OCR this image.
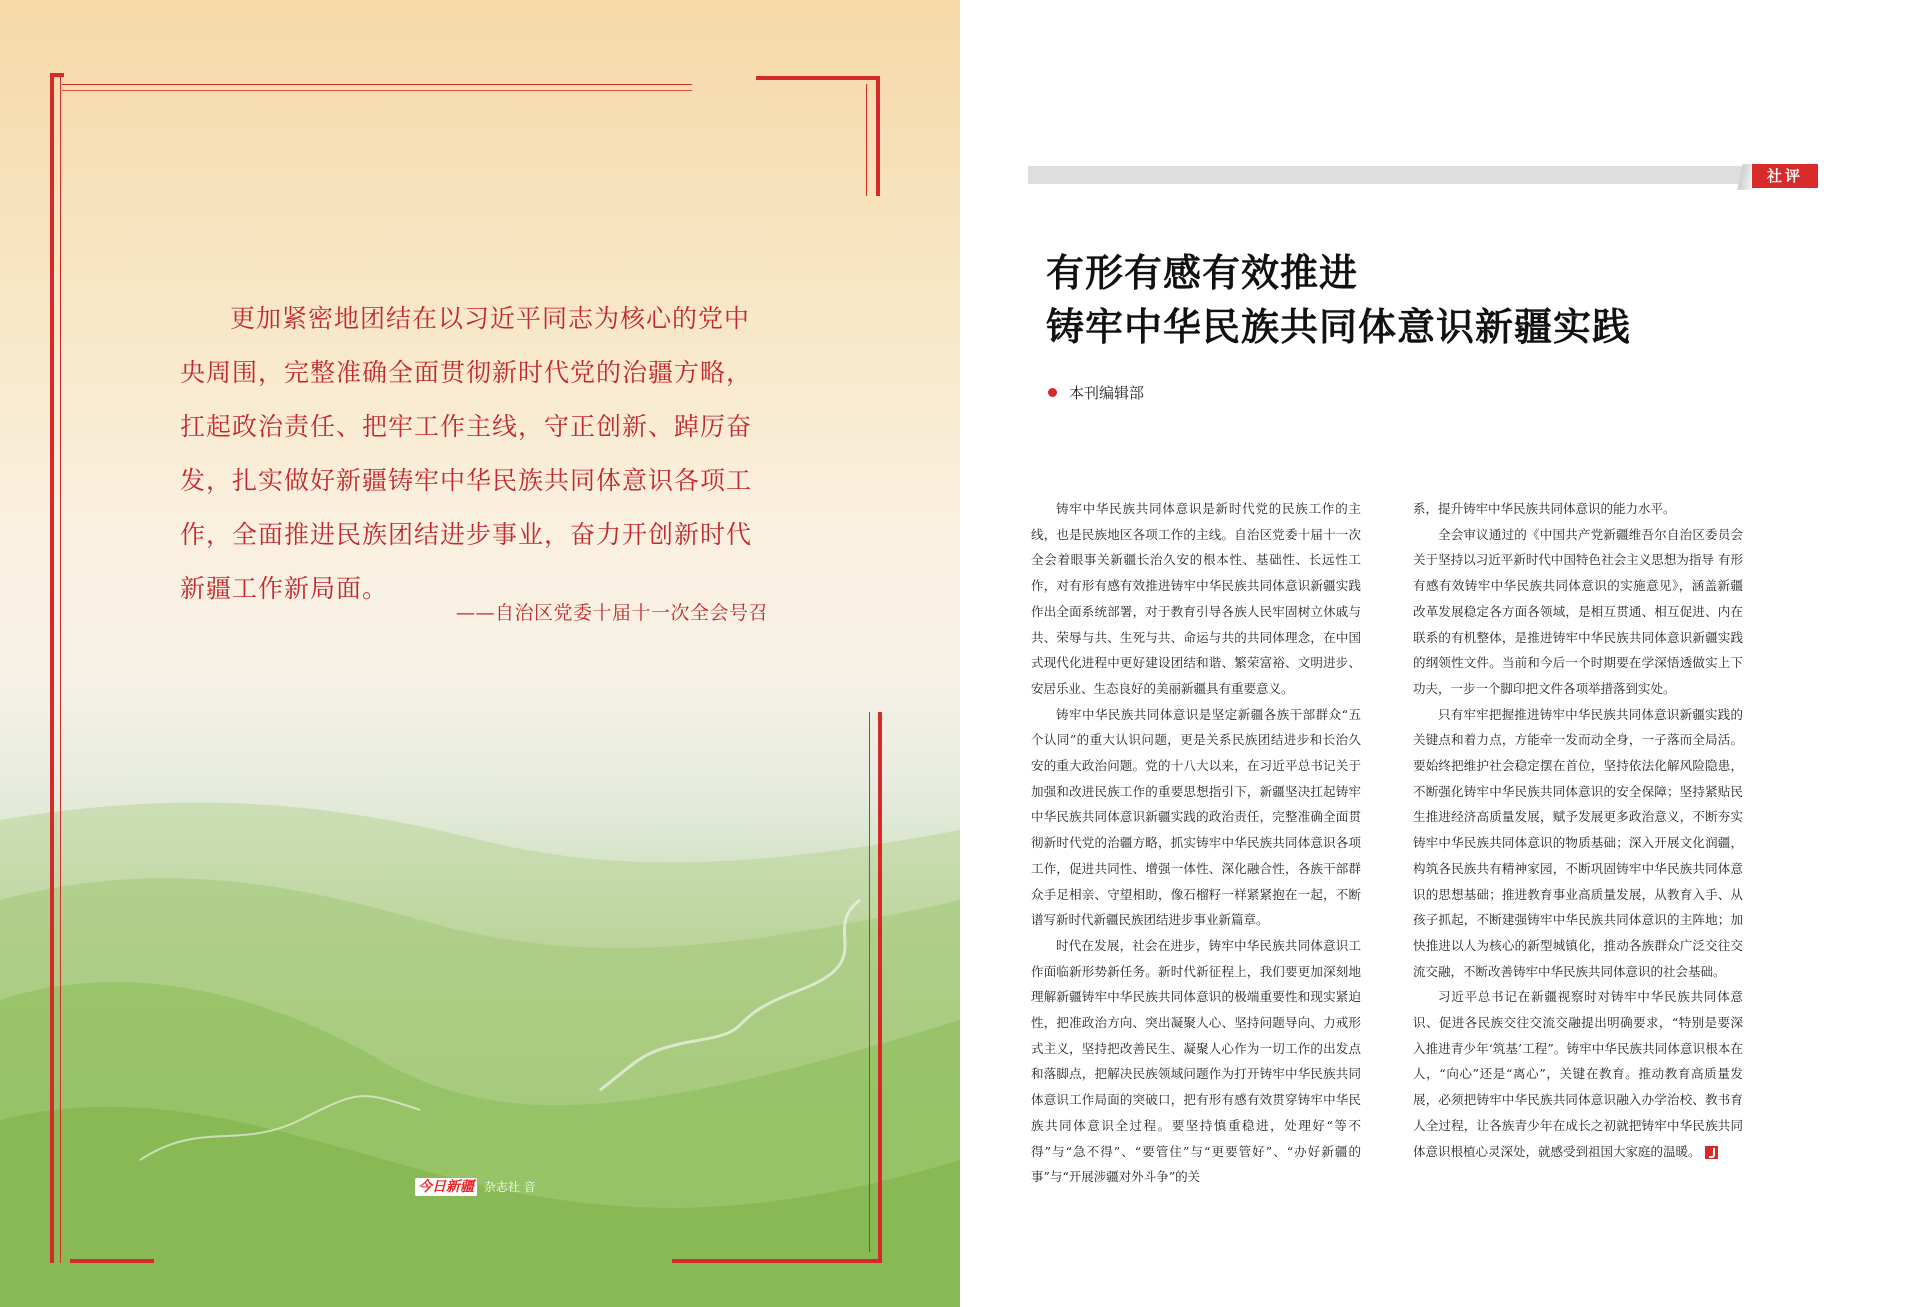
更加紧密地团结在以习近平同志为核心的党中央周围，完整准确全面贯彻新时代党的治疆方略，扛起政治责任、把牢工作主线，守正创新、踔厉奋发，扎实做好新疆铸牢中华民族共同体意识各项工作，全面推进民族团结进步事业，奋力开创新时代新疆工作新局面。

——自治区党委十届十一次全会号召
今日新疆 杂志社 音
社评
有形有感有效推进
铸牢中华民族共同体意识新疆实践
本刊编辑部

铸牢中华民族共同体意识是新时代党的民族工作的主线，也是民族地区各项工作的主线。自治区党委十届十一次全会着眼事关新疆长治久安的根本性、基础性、长远性工作，对有形有感有效推进铸牢中华民族共同体意识新疆实践作出全面系统部署，对于教育引导各族人民牢固树立休戚与共、荣辱与共、生死与共、命运与共的共同体理念，在中国式现代化进程中更好建设团结和谐、繁荣富裕、文明进步、安居乐业、生态良好的美丽新疆具有重要意义。

铸牢中华民族共同体意识是坚定新疆各族干部群众“五个认同”的重大认识问题，更是关系民族团结进步和长治久安的重大政治问题。党的十八大以来，在习近平总书记关于加强和改进民族工作的重要思想指引下，新疆坚决扛起铸牢中华民族共同体意识新疆实践的政治责任，完整准确全面贯彻新时代党的治疆方略，抓实铸牢中华民族共同体意识各项工作，促进共同性、增强一体性、深化融合性，各族干部群众手足相亲、守望相助，像石榴籽一样紧紧抱在一起，不断谱写新时代新疆民族团结进步事业新篇章。

时代在发展，社会在进步，铸牢中华民族共同体意识工作面临新形势新任务。新时代新征程上，我们要更加深刻地理解新疆铸牢中华民族共同体意识的极端重要性和现实紧迫性，把准政治方向、突出凝聚人心、坚持问题导向、力戒形式主义，坚持把改善民生、凝聚人心作为一切工作的出发点和落脚点，把解决民族领域问题作为打开铸牢中华民族共同体意识工作局面的突破口，把有形有感有效贯穿铸牢中华民族共同体意识全过程。要坚持慎重稳进，处理好“等不得”与“急不得”、“要管住”与“更要管好”、“办好新疆的事”与“开展涉疆对外斗争”的关

系，提升铸牢中华民族共同体意识的能力水平。

全会审议通过的《中国共产党新疆维吾尔自治区委员会关于坚持以习近平新时代中国特色社会主义思想为指导 有形有感有效铸牢中华民族共同体意识的实施意见》，涵盖新疆改革发展稳定各方面各领域，是相互贯通、相互促进、内在联系的有机整体，是推进铸牢中华民族共同体意识新疆实践的纲领性文件。当前和今后一个时期要在学深悟透做实上下功夫，一步一个脚印把文件各项举措落到实处。

只有牢牢把握推进铸牢中华民族共同体意识新疆实践的关键点和着力点，方能牵一发而动全身，一子落而全局活。要始终把维护社会稳定摆在首位，坚持依法化解风险隐患，不断强化铸牢中华民族共同体意识的安全保障；坚持紧贴民生推进经济高质量发展，赋予发展更多政治意义，不断夯实铸牢中华民族共同体意识的物质基础；深入开展文化润疆，构筑各民族共有精神家园，不断巩固铸牢中华民族共同体意识的思想基础；推进教育事业高质量发展，从教育入手、从孩子抓起，不断建强铸牢中华民族共同体意识的主阵地；加快推进以人为核心的新型城镇化，推动各族群众广泛交往交流交融，不断改善铸牢中华民族共同体意识的社会基础。

习近平总书记在新疆视察时对铸牢中华民族共同体意识、促进各民族交往交流交融提出明确要求，“特别是要深入推进青少年‘筑基’工程”。铸牢中华民族共同体意识根本在人，“向心”还是“离心”，关键在教育。推动教育高质量发展，必须把铸牢中华民族共同体意识融入办学治校、教书育人全过程，让各族青少年在成长之初就把铸牢中华民族共同体意识根植心灵深处，就感受到祖国大家庭的温暖。
